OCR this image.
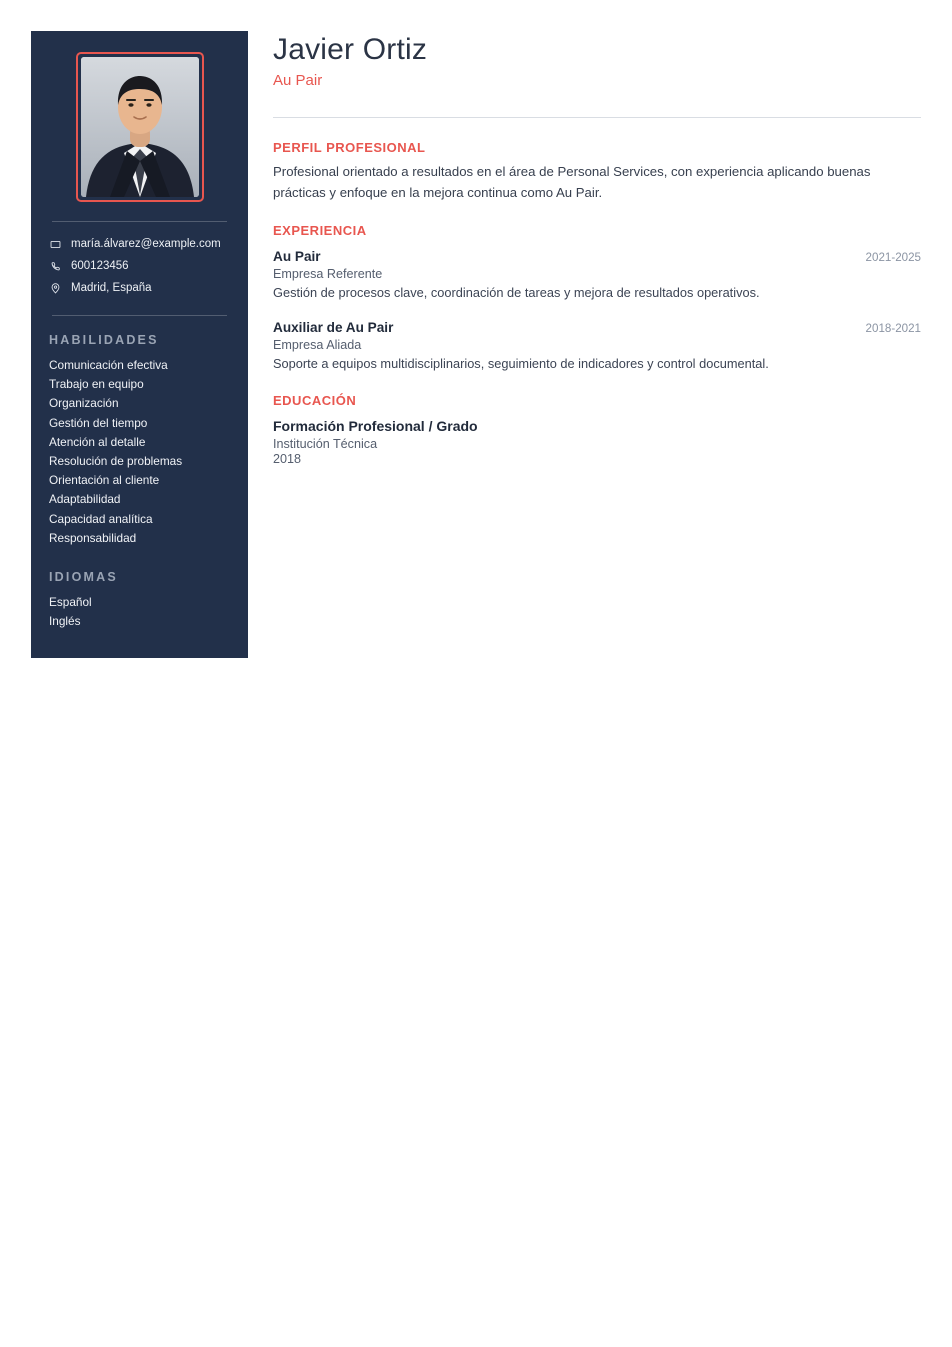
maría.álvarez@example.com
600123456
Madrid, España
HABILIDADES
Comunicación efectiva
Trabajo en equipo
Organización
Gestión del tiempo
Atención al detalle
Resolución de problemas
Orientación al cliente
Adaptabilidad
Capacidad analítica
Responsabilidad
IDIOMAS
Español
Inglés
Javier Ortiz
Au Pair
PERFIL PROFESIONAL

Profesional orientado a resultados en el área de Personal Services, con experiencia aplicando buenas prácticas y enfoque en la mejora continua como Au Pair.

EXPERIENCIA
Au Pair	2021-2025
Empresa Referente
Gestión de procesos clave, coordinación de tareas y mejora de resultados operativos.
Auxiliar de Au Pair	2018-2021
Empresa Aliada
Soporte a equipos multidisciplinarios, seguimiento de indicadores y control documental.
EDUCACIÓN
Formación Profesional / Grado
Institución Técnica
2018
